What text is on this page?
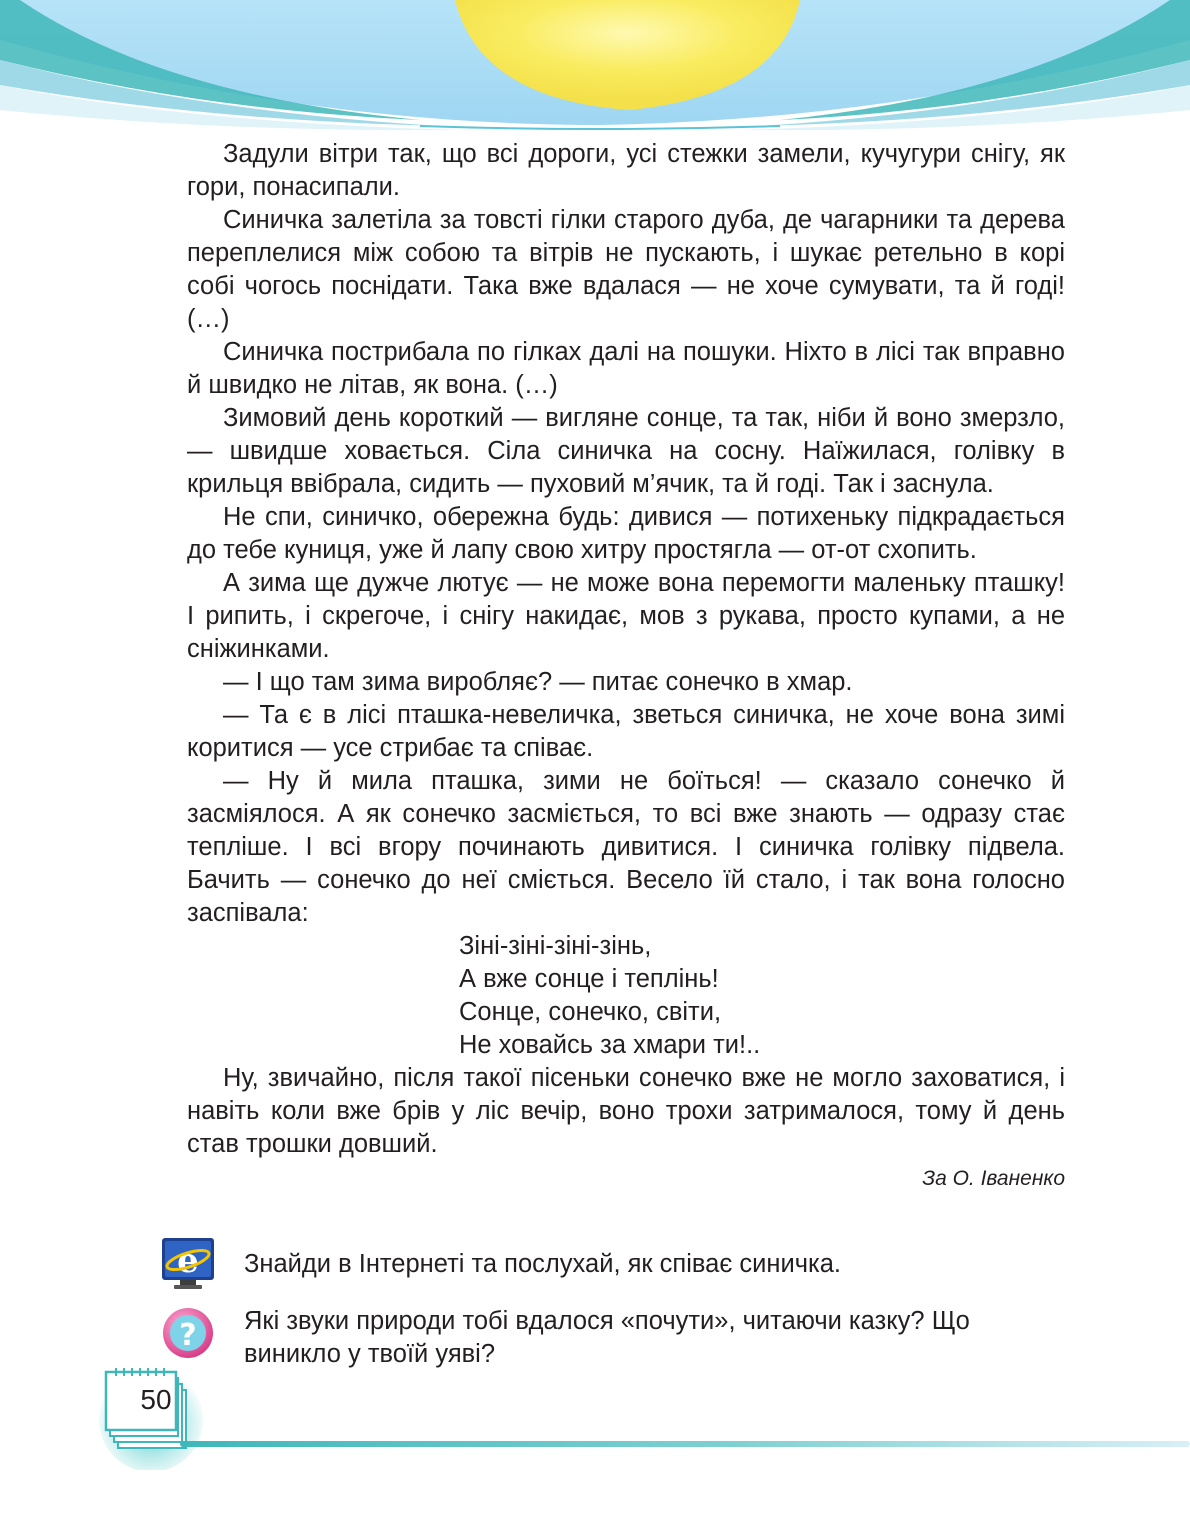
Задули вітри так, що всі дороги, усі стежки замели, кучугури снігу, як гори, понасипали.

Синичка залетіла за товсті гілки старого дуба, де чагарники та дерева переплелися між собою та вітрів не пускають, і шукає ретельно в корі собі чогось поснідати. Така вже вдалася — не хоче сумувати, та й годі! (…)

Синичка пострибала по гілках далі на пошуки. Ніхто в лісі так вправно й швидко не літав, як вона. (…)

Зимовий день короткий — вигляне сонце, та так, ніби й воно змерзло, — швидше ховається. Сіла синичка на сосну. Наїжилася, голівку в крильця ввібрала, сидить — пуховий м’ячик, та й годі. Так і заснула.

Не спи, синичко, обережна будь: дивися — потихеньку підкрадається до тебе куниця, уже й лапу свою хитру простягла — от-от схопить.

А зима ще дужче лютує — не може вона перемогти маленьку пташку! І рипить, і скрегоче, і снігу накидає, мов з рукава, просто купами, а не сніжинками.

— І що там зима виробляє? — питає сонечко в хмар.

— Та є в лісі пташка-невеличка, зветься синичка, не хоче вона зимі коритися — усе стрибає та співає.

— Ну й мила пташка, зими не боїться! — сказало сонечко й засміялося. А як сонечко засміється, то всі вже знають — одразу стає тепліше. І всі вгору починають дивитися. І синичка голівку підвела. Бачить — сонечко до неї сміється. Весело їй стало, і так вона голосно заспівала:

Зіні-зіні-зіні-зінь,
А вже сонце і теплінь!
Сонце, сонечко, світи,
Не ховайсь за хмари ти!..

Ну, звичайно, після такої пісеньки сонечко вже не могло заховатися, і навіть коли вже брів у ліс вечір, воно трохи затрималося, тому й день став трошки довший.

За О. Іваненко
e Знайди в Інтернеті та послухай, як співає синичка.
? Які звуки природи тобі вдалося «почути», читаючи казку? Що виникло у твоїй уяві?
50
